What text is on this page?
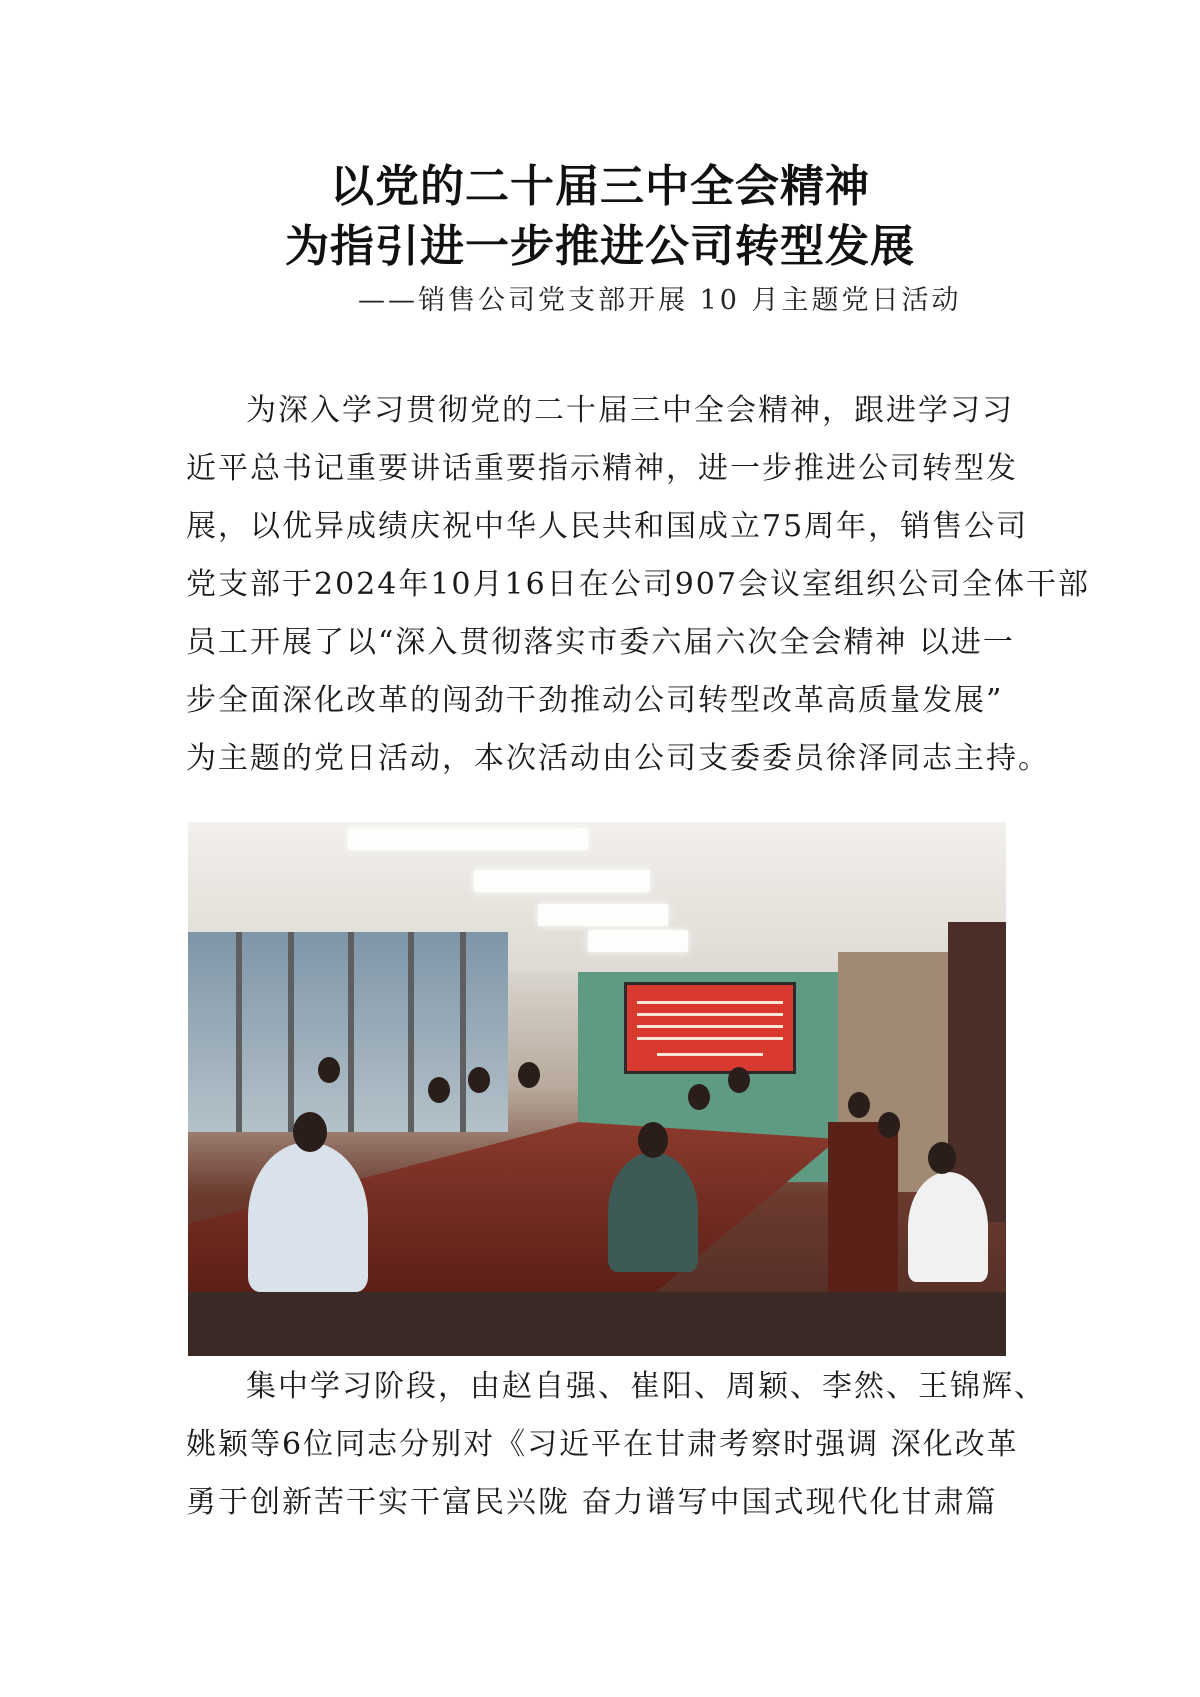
以党的二十届三中全会精神
为指引进一步推进公司转型发展
——销售公司党支部开展 10 月主题党日活动
为深入学习贯彻党的二十届三中全会精神，跟进学习习
近平总书记重要讲话重要指示精神，进一步推进公司转型发
展，以优异成绩庆祝中华人民共和国成立75周年，销售公司
党支部于2024年10月16日在公司907会议室组织公司全体干部
员工开展了以“深入贯彻落实市委六届六次全会精神 以进一
步全面深化改革的闯劲干劲推动公司转型改革高质量发展”
为主题的党日活动，本次活动由公司支委委员徐泽同志主持。
集中学习阶段，由赵自强、崔阳、周颖、李然、王锦辉、
姚颖等6位同志分别对《习近平在甘肃考察时强调 深化改革
勇于创新苦干实干富民兴陇 奋力谱写中国式现代化甘肃篇
